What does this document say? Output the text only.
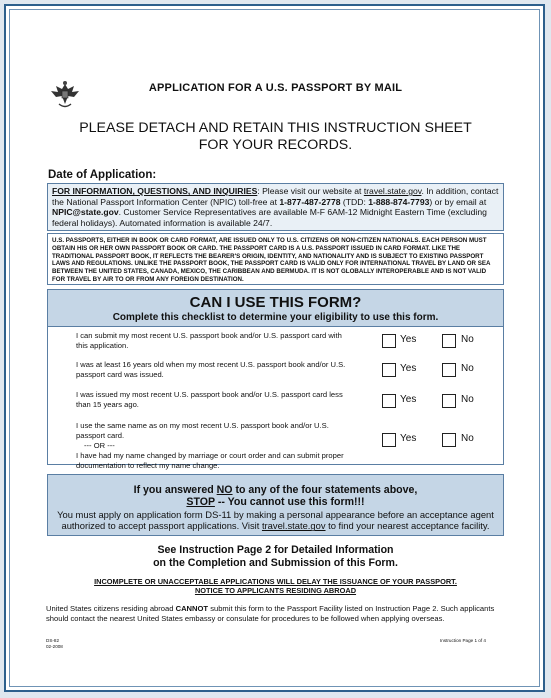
APPLICATION FOR A U.S. PASSPORT BY MAIL
PLEASE DETACH AND RETAIN THIS INSTRUCTION SHEET
FOR YOUR RECORDS.
Date of Application:
FOR INFORMATION, QUESTIONS, AND INQUIRIES: Please visit our website at travel.state.gov. In addition, contact the National Passport Information Center (NPIC) toll-free at 1-877-487-2778 (TDD: 1-888-874-7793) or by email at NPIC@state.gov. Customer Service Representatives are available M-F 6AM-12 Midnight Eastern Time (excluding federal holidays). Automated information is available 24/7.
U.S. PASSPORTS, EITHER IN BOOK OR CARD FORMAT, ARE ISSUED ONLY TO U.S. CITIZENS OR NON-CITIZEN NATIONALS. EACH PERSON MUST OBTAIN HIS OR HER OWN PASSPORT BOOK OR CARD. THE PASSPORT CARD IS A U.S. PASSPORT ISSUED IN CARD FORMAT. LIKE THE TRADITIONAL PASSPORT BOOK, IT REFLECTS THE BEARER'S ORIGIN, IDENTITY, AND NATIONALITY AND IS SUBJECT TO EXISTING PASSPORT LAWS AND REGULATIONS. UNLIKE THE PASSPORT BOOK, THE PASSPORT CARD IS VALID ONLY FOR INTERNATIONAL TRAVEL BY LAND OR SEA BETWEEN THE UNITED STATES, CANADA, MEXICO, THE CARIBBEAN AND BERMUDA. IT IS NOT GLOBALLY INTEROPERABLE AND IS NOT VALID FOR TRAVEL BY AIR TO OR FROM ANY FOREIGN DESTINATION.
CAN I USE THIS FORM?
Complete this checklist to determine your eligibility to use this form.
I can submit my most recent U.S. passport book and/or U.S. passport card with this application.
Yes	No
I was at least 16 years old when my most recent U.S. passport book and/or U.S. passport card was issued.
Yes	No
I was issued my most recent U.S. passport book and/or U.S. passport card less than 15 years ago.	Yes	No
I use the same name as on my most recent U.S. passport book and/or U.S. passport card.
--- OR ---
I have had my name changed by marriage or court order and can submit proper documentation to reflect my name change.
Yes	No
If you answered NO to any of the four statements above,
STOP -- You cannot use this form!!!
You must apply on application form DS-11 by making a personal appearance before an acceptance agent
authorized to accept passport applications. Visit travel.state.gov to find your nearest acceptance facility.
See Instruction Page 2 for Detailed Information
on the Completion and Submission of this Form.
INCOMPLETE OR UNACCEPTABLE APPLICATIONS WILL DELAY THE ISSUANCE OF YOUR PASSPORT.
NOTICE TO APPLICANTS RESIDING ABROAD
United States citizens residing abroad CANNOT submit this form to the Passport Facility listed on Instruction Page 2. Such applicants should contact the nearest United States embassy or consulate for procedures to be followed when applying overseas.
DS-82
02-2008
Instruction Page 1 of 4
